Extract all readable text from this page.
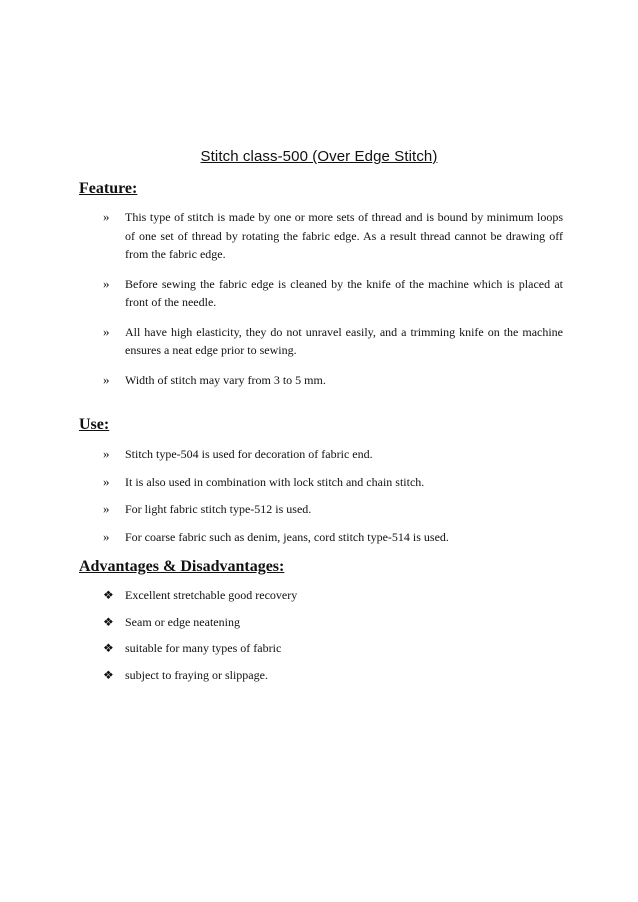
Stitch class-500 (Over Edge Stitch)
Feature:
» This type of stitch is made by one or more sets of thread and is bound by minimum loops of one set of thread by rotating the fabric edge. As a result thread cannot be drawing off from the fabric edge.
» Before sewing the fabric edge is cleaned by the knife of the machine which is placed at front of the needle.
» All have high elasticity, they do not unravel easily, and a trimming knife on the machine ensures a neat edge prior to sewing.
» Width of stitch may vary from 3 to 5 mm.
Use:
» Stitch type-504 is used for decoration of fabric end.
» It is also used in combination with lock stitch and chain stitch.
» For light fabric stitch type-512 is used.
» For coarse fabric such as denim, jeans, cord stitch type-514 is used.
Advantages & Disadvantages:
❖ Excellent stretchable good recovery
❖ Seam or edge neatening
❖ suitable for many types of fabric
❖ subject to fraying or slippage.
